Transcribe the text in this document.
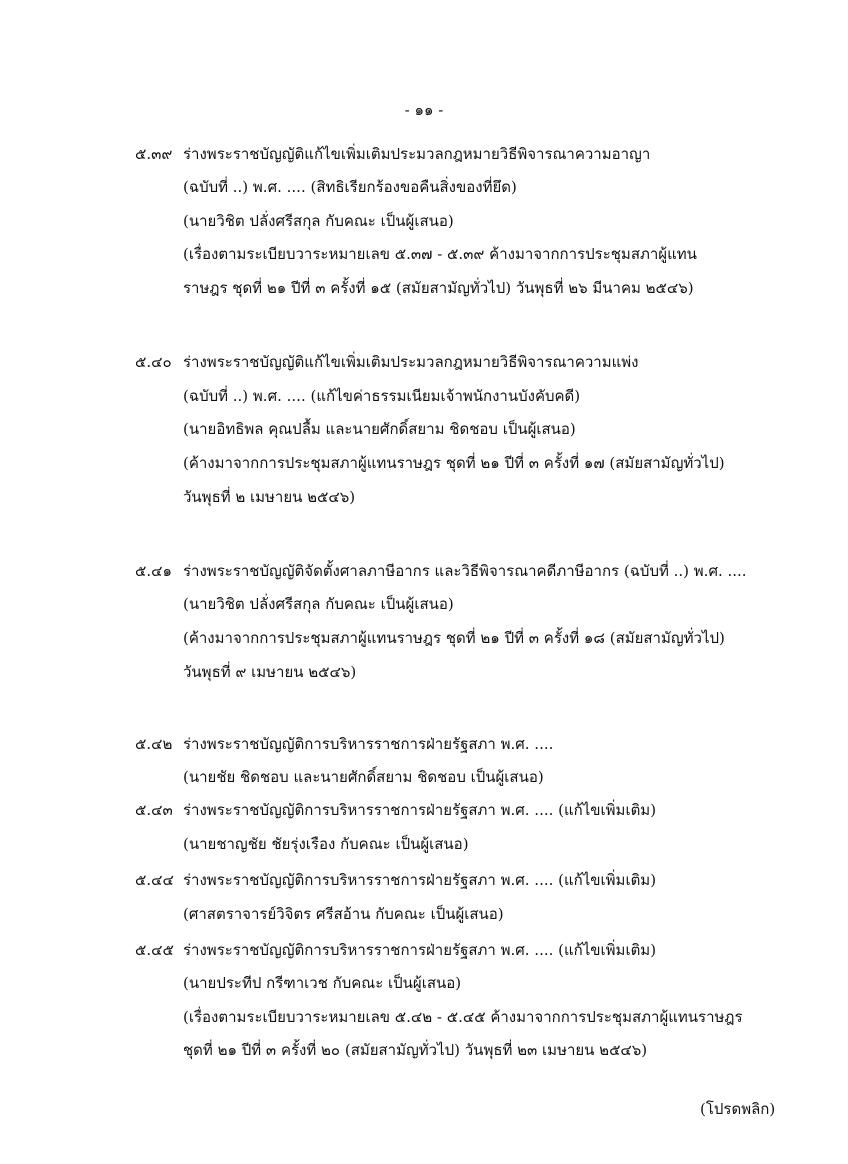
- ๑๑ -
๕.๓๙ ร่างพระราชบัญญัติแก้ไขเพิ่มเติมประมวลกฎหมายวิธีพิจารณาความอาญา
(ฉบับที่ ..) พ.ศ. .... (สิทธิเรียกร้องขอคืนสิ่งของที่ยึด)
(นายวิชิต ปลั่งศรีสกุล กับคณะ เป็นผู้เสนอ)
(เรื่องตามระเบียบวาระหมายเลข ๕.๓๗ - ๕.๓๙ ค้างมาจากการประชุมสภาผู้แทน
ราษฎร ชุดที่ ๒๑ ปีที่ ๓ ครั้งที่ ๑๕ (สมัยสามัญทั่วไป) วันพุธที่ ๒๖ มีนาคม ๒๕๔๖)
๕.๔๐ ร่างพระราชบัญญัติแก้ไขเพิ่มเติมประมวลกฎหมายวิธีพิจารณาความแพ่ง
(ฉบับที่ ..) พ.ศ. .... (แก้ไขค่าธรรมเนียมเจ้าพนักงานบังคับคดี)
(นายอิทธิพล คุณปลื้ม และนายศักดิ์สยาม ชิดชอบ เป็นผู้เสนอ)
(ค้างมาจากการประชุมสภาผู้แทนราษฎร ชุดที่ ๒๑ ปีที่ ๓ ครั้งที่ ๑๗ (สมัยสามัญทั่วไป)
วันพุธที่ ๒ เมษายน ๒๕๔๖)
๕.๔๑ ร่างพระราชบัญญัติจัดตั้งศาลภาษีอากร และวิธีพิจารณาคดีภาษีอากร (ฉบับที่ ..) พ.ศ. ....
(นายวิชิต ปลั่งศรีสกุล กับคณะ เป็นผู้เสนอ)
(ค้างมาจากการประชุมสภาผู้แทนราษฎร ชุดที่ ๒๑ ปีที่ ๓ ครั้งที่ ๑๘ (สมัยสามัญทั่วไป)
วันพุธที่ ๙ เมษายน ๒๕๔๖)
๕.๔๒ ร่างพระราชบัญญัติการบริหารราชการฝ่ายรัฐสภา พ.ศ. ....
(นายชัย ชิดชอบ และนายศักดิ์สยาม ชิดชอบ เป็นผู้เสนอ)
๕.๔๓ ร่างพระราชบัญญัติการบริหารราชการฝ่ายรัฐสภา พ.ศ. .... (แก้ไขเพิ่มเติม)
(นายชาญชัย ชัยรุ่งเรือง กับคณะ เป็นผู้เสนอ)
๕.๔๔ ร่างพระราชบัญญัติการบริหารราชการฝ่ายรัฐสภา พ.ศ. .... (แก้ไขเพิ่มเติม)
(ศาสตราจารย์วิจิตร ศรีสอ้าน กับคณะ เป็นผู้เสนอ)
๕.๔๕ ร่างพระราชบัญญัติการบริหารราชการฝ่ายรัฐสภา พ.ศ. .... (แก้ไขเพิ่มเติม)
(นายประทีป กรีฑาเวช กับคณะ เป็นผู้เสนอ)
(เรื่องตามระเบียบวาระหมายเลข ๕.๔๒ - ๕.๔๕ ค้างมาจากการประชุมสภาผู้แทนราษฎร
ชุดที่ ๒๑ ปีที่ ๓ ครั้งที่ ๒๐ (สมัยสามัญทั่วไป) วันพุธที่ ๒๓ เมษายน ๒๕๔๖)
(โปรดพลิก)
